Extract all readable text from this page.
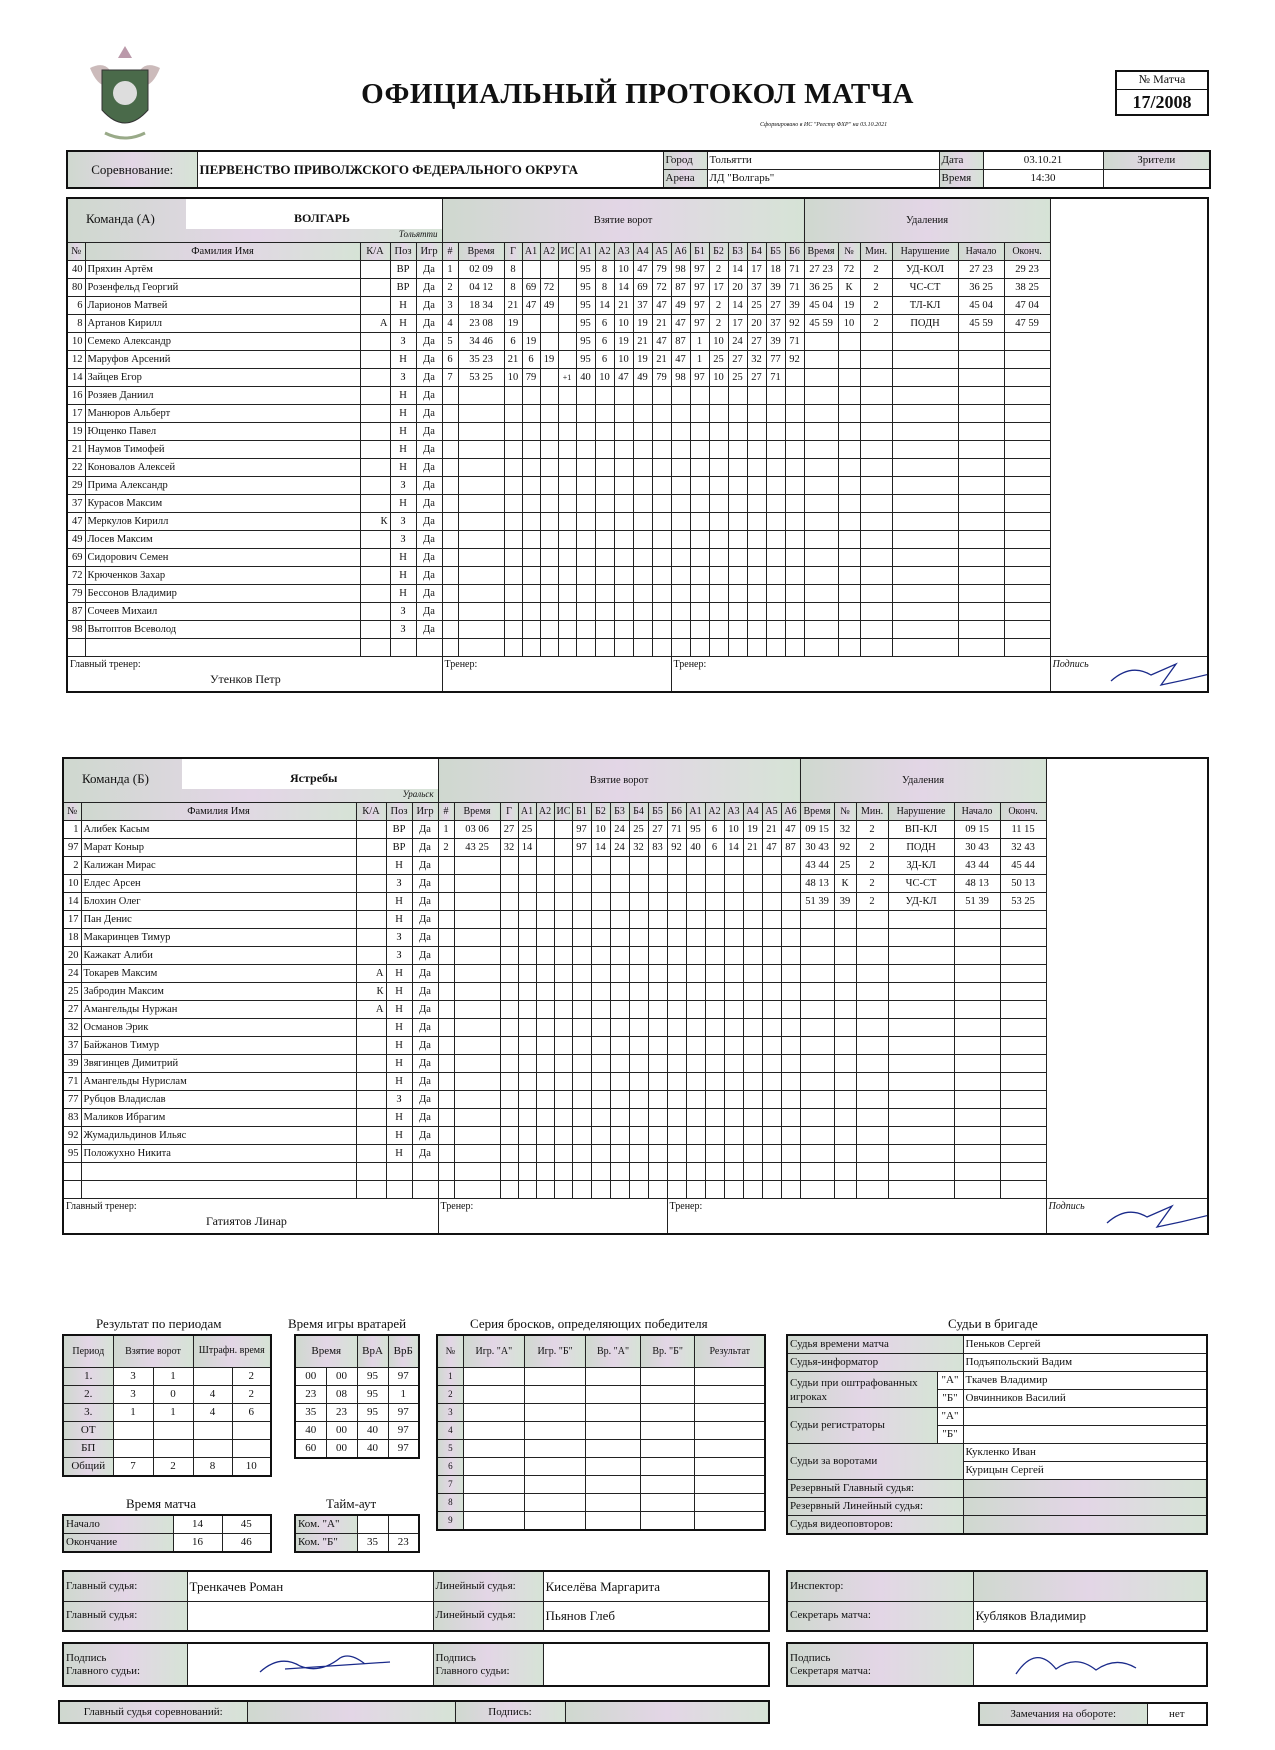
ОФИЦИАЛЬНЫЙ ПРОТОКОЛ МАТЧА
Сформировано в ИС "Реестр ФХР" на 03.10.2021
№ Матча
17/2008
Соревнование:	ПЕРВЕНСТВО ПРИВОЛЖСКОГО ФЕДЕРАЛЬНОГО ОКРУГА	Город	Тольятти	Дата	03.10.21	Зрители
		Арена	ЛД "Волгарь"	Время	14:30	
Команда (А) ВОЛГАРЬ
Тольятти					Взятие ворот																		Удаления						
№	Фамилия Имя	К/А	Поз	Игр	#	Время	Г	А1	А2	ИС	А1	А2	А3	А4	А5	А6	Б1	Б2	Б3	Б4	Б5	Б6	Время	№	Мин.	Нарушение	Начало	Оконч.	
40	Пряхин Артём		ВР	Да	1	02 09	8				95	8	10	47	79	98	97	2	14	17	18	71	27 23	72	2	УД-КОЛ	27 23	29 23	
80	Розенфельд Георгий		ВР	Да	2	04 12	8	69	72		95	8	14	69	72	87	97	17	20	37	39	71	36 25	К	2	ЧС-СТ	36 25	38 25	
6	Ларионов Матвей		Н	Да	3	18 34	21	47	49		95	14	21	37	47	49	97	2	14	25	27	39	45 04	19	2	ТЛ-КЛ	45 04	47 04	
8	Артанов Кирилл	А	Н	Да	4	23 08	19				95	6	10	19	21	47	97	2	17	20	37	92	45 59	10	2	ПОДН	45 59	47 59	
10	Семеко Александр		З	Да	5	34 46	6	19			95	6	19	21	47	87	1	10	24	27	39	71							
12	Маруфов Арсений		Н	Да	6	35 23	21	6	19		95	6	10	19	21	47	1	25	27	32	77	92							
14	Зайцев Егор		З	Да	7	53 25	10	79		+1	40	10	47	49	79	98	97	10	25	27	71								
16	Розяев Даниил		Н	Да																									
17	Манюров Альберт		Н	Да																									
19	Ющенко Павел		Н	Да																									
21	Наумов Тимофей		Н	Да																									
22	Коновалов Алексей		Н	Да																									
29	Прима Александр		З	Да																									
37	Курасов Максим		Н	Да																									
47	Меркулов Кирилл	К	З	Да																									
49	Лосев Максим		З	Да																									
69	Сидорович Семен		Н	Да																									
72	Крюченков Захар		Н	Да																									
79	Бессонов Владимир		Н	Да																									
87	Сочеев Михаил		З	Да																									
98	Вытоптов Всеволод		З	Да																									

Главный тренер:
Утенков Петр					Тренер:											Тренер:													Подпись
Команда (Б) Ястребы
Уральск					Взятие ворот																		Удаления						
№	Фамилия Имя	К/А	Поз	Игр	#	Время	Г	А1	А2	ИС	Б1	Б2	Б3	Б4	Б5	Б6	А1	А2	А3	А4	А5	А6	Время	№	Мин.	Нарушение	Начало	Оконч.	
1	Алибек Касым		ВР	Да	1	03 06	27	25			97	10	24	25	27	71	95	6	10	19	21	47	09 15	32	2	ВП-КЛ	09 15	11 15	
97	Марат Коныр		ВР	Да	2	43 25	32	14			97	14	24	32	83	92	40	6	14	21	47	87	30 43	92	2	ПОДН	30 43	32 43	
2	Калижан Мирас		Н	Да																			43 44	25	2	ЗД-КЛ	43 44	45 44	
10	Елдес Арсен		З	Да																			48 13	К	2	ЧС-СТ	48 13	50 13	
14	Блохин Олег		Н	Да																			51 39	39	2	УД-КЛ	51 39	53 25	
17	Пан Денис		Н	Да																									
18	Макаринцев Тимур		З	Да																									
20	Кажакат Алиби		З	Да																									
24	Токарев Максим	А	Н	Да																									
25	Забродин Максим	К	Н	Да																									
27	Амангельды Нуржан	А	Н	Да																									
32	Османов Эрик		Н	Да																									
37	Байжанов Тимур		Н	Да																									
39	Звягинцев Димитрий		Н	Да																									
71	Амангельды Нурислам		Н	Да																									
77	Рубцов Владислав		З	Да																									
83	Маликов Ибрагим		Н	Да																									
92	Жумадильдинов Ильяс		Н	Да																									
95	Положухно Никита		Н	Да																									

Главный тренер:
Гатиятов Линар					Тренер:											Тренер:													Подпись
Результат по периодам
Период	Взятие ворот		Штрафн. время	
1.	3	1		2
2.	3	0	4	2
3.	1	1	4	6
ОТ				
БП				
Общий	7	2	8	10
Время игры вратарей
Время		ВрА	ВрБ
00	00	95	97
23	08	95	1
35	23	95	97
40	00	40	97
60	00	40	97
Время матча
Начало	14	45
Окончание	16	46
Тайм-аут
Ком. "А"		
Ком. "Б"	35	23
Серия бросков, определяющих победителя
№	Игр. "А"	Игр. "Б"	Вр. "А"	Вр. "Б"	Результат
1					
2					
3					
4					
5					
6					
7					
8					
9					
Судьи в бригаде
Судья времени матча		Пеньков Сергей
Судья-информатор		Подъяпольский Вадим
Судьи при оштрафованных игроках	"А"	Ткачев Владимир
	"Б"	Овчинников Василий
Судьи регистраторы	"А"	
	"Б"	
Судьи за воротами		Кукленко Иван
		Курицын Сергей
Резервный Главный судья:		
Резервный Линейный судья:		
Судья видеоповторов:		
Главный судья:	Тренкачев Роман	Линейный судья:	Киселёва Маргарита
Главный судья:		Линейный судья:	Пьянов Глеб
Инспектор:	
Секретарь матча:	Кубляков Владимир
Подпись
Главного судьи:		Подпись
Главного судьи:	
Подпись
Секретаря матча:	
Главный судья соревнований:		Подпись:		Замечания на обороте:	нет
